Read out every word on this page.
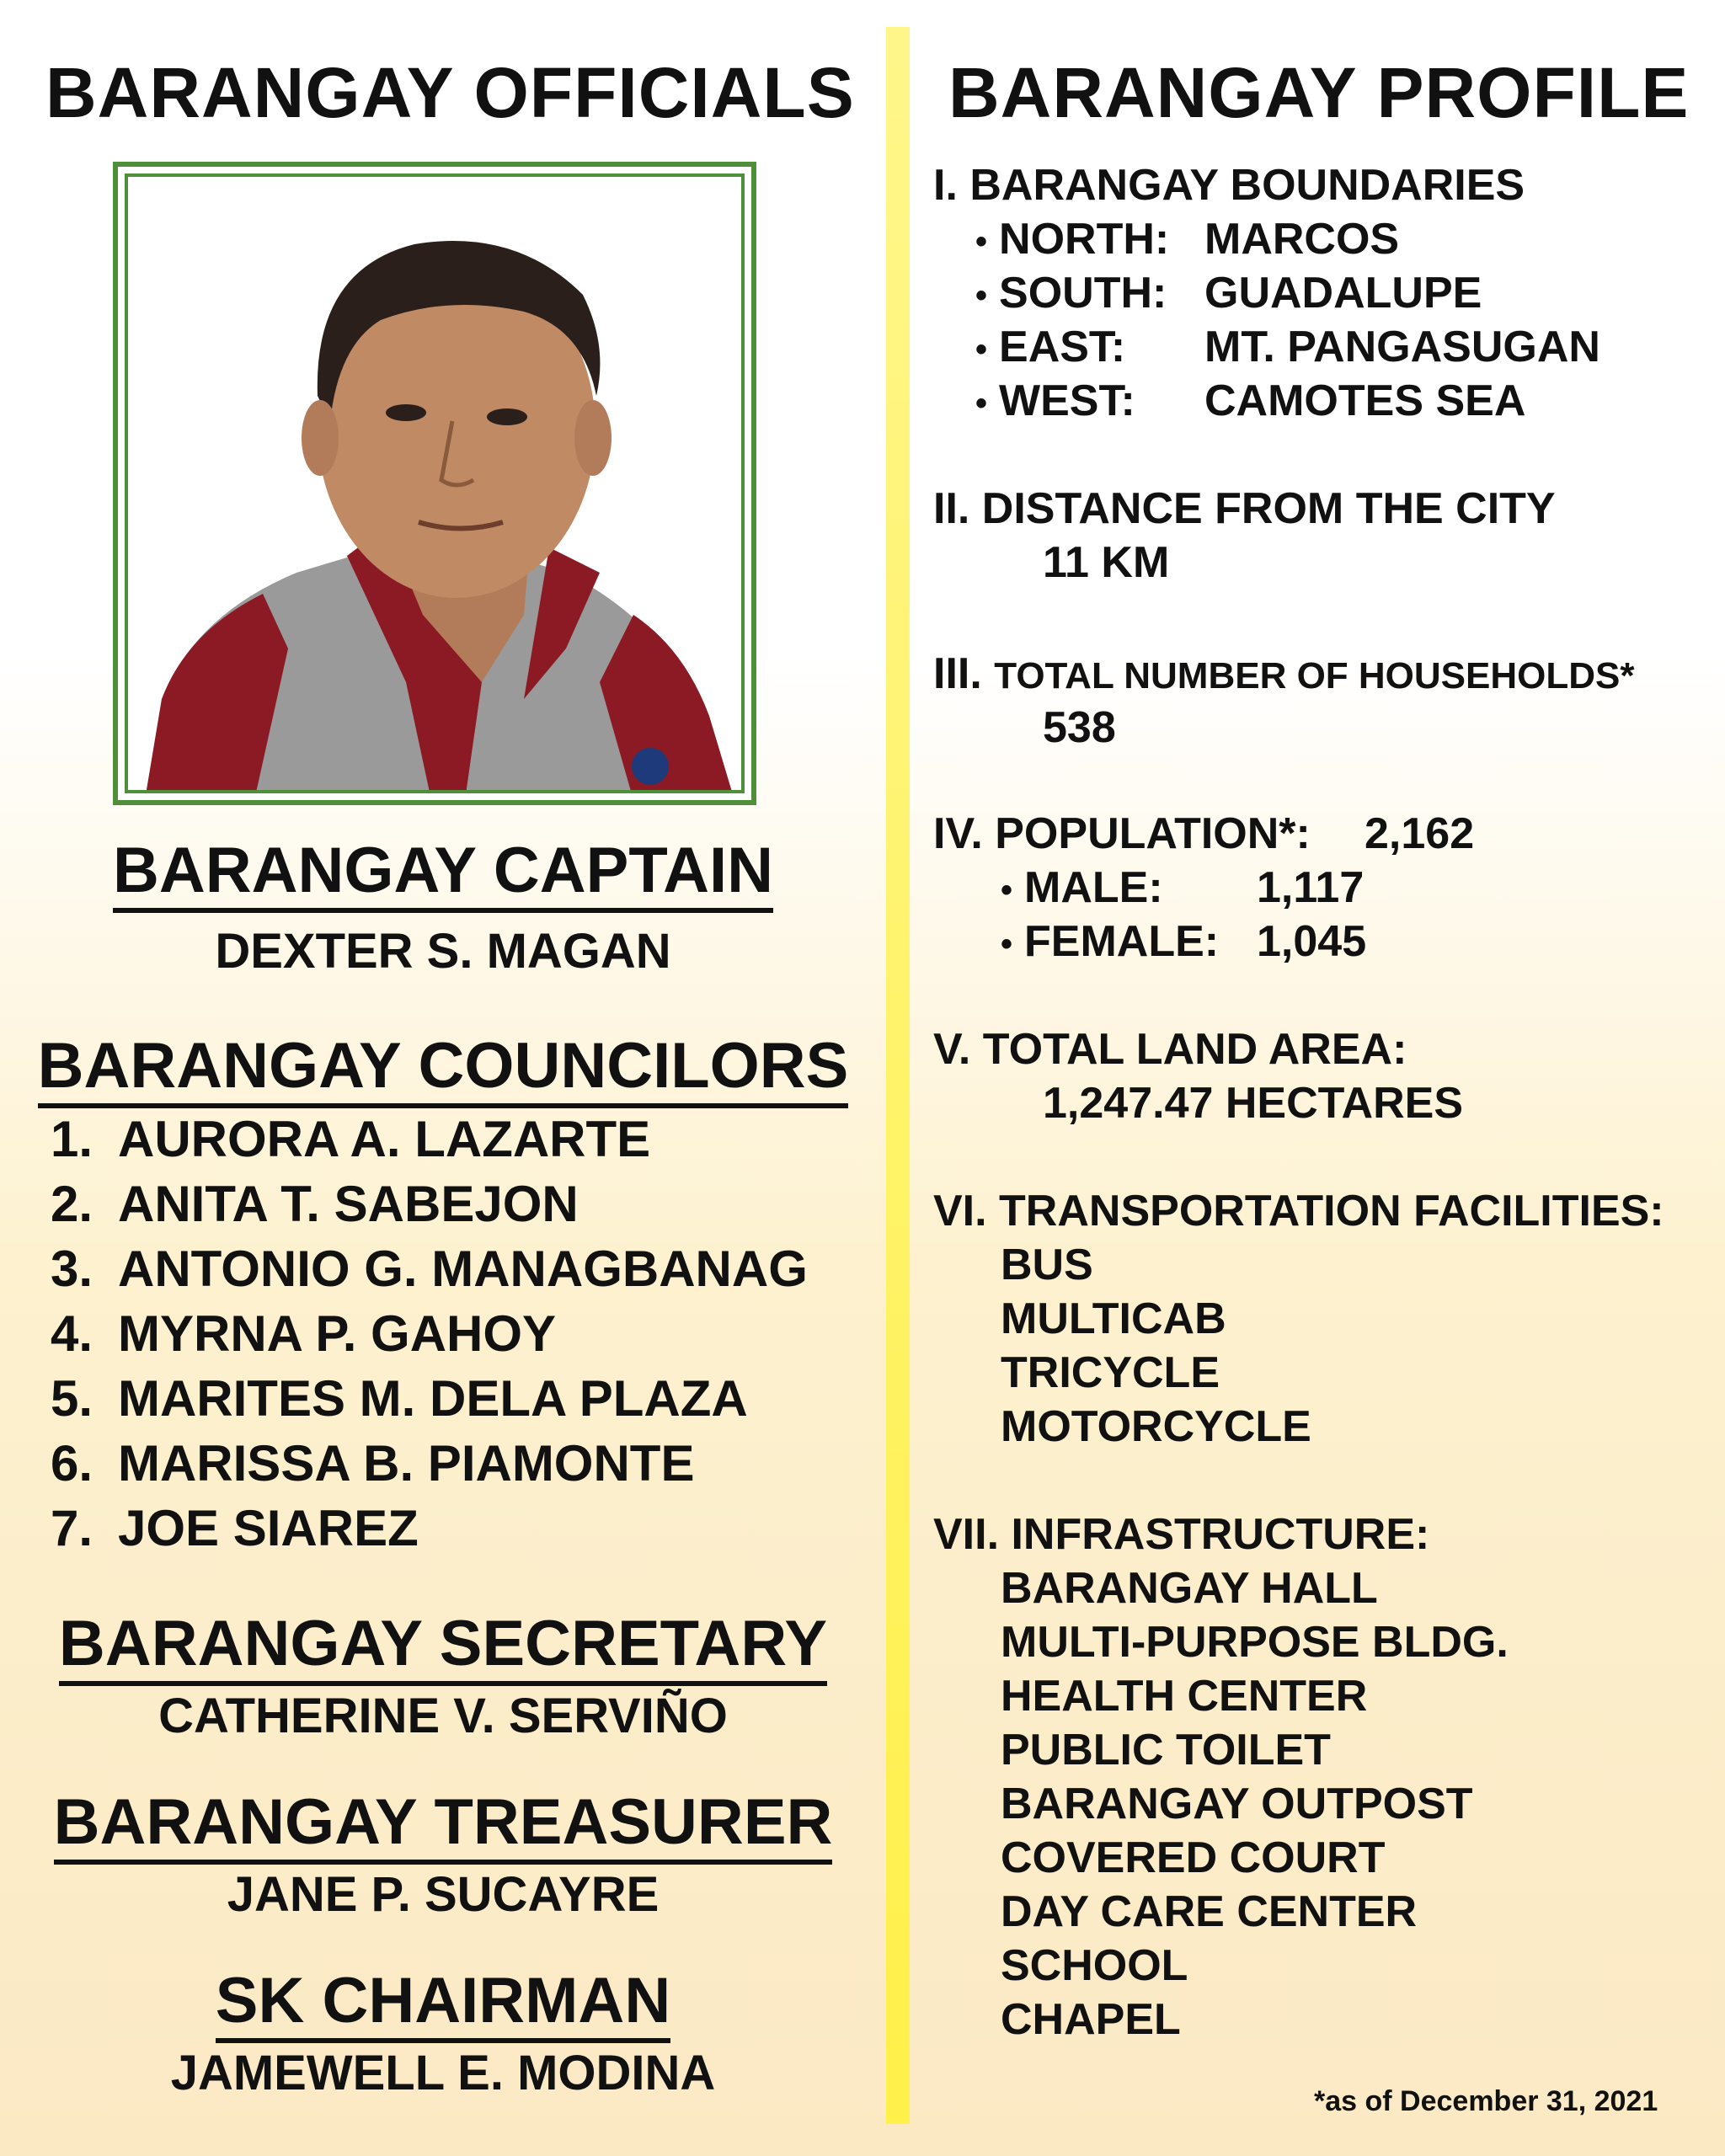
BARANGAY OFFICIALS
BARANGAY CAPTAIN
DEXTER S. MAGAN
BARANGAY COUNCILORS
1. AURORA A. LAZARTE
2. ANITA T. SABEJON
3. ANTONIO G. MANAGBANAG
4. MYRNA P. GAHOY
5. MARITES M. DELA PLAZA
6. MARISSA B. PIAMONTE
7. JOE SIAREZ
BARANGAY SECRETARY
CATHERINE V. SERVIÑO
BARANGAY TREASURER
JANE P. SUCAYRE
SK CHAIRMAN
JAMEWELL E. MODINA
BARANGAY PROFILE
I. BARANGAY BOUNDARIES
• NORTH: MARCOS
• SOUTH: GUADALUPE
• EAST: MT. PANGASUGAN
• WEST: CAMOTES SEA
II. DISTANCE FROM THE CITY
11 KM
III. TOTAL NUMBER OF HOUSEHOLDS*
538
IV. POPULATION*: 2,162
• MALE: 1,117
• FEMALE: 1,045
V. TOTAL LAND AREA:
1,247.47 HECTARES
VI. TRANSPORTATION FACILITIES:
BUS
MULTICAB
TRICYCLE
MOTORCYCLE
VII. INFRASTRUCTURE:
BARANGAY HALL
MULTI-PURPOSE BLDG.
HEALTH CENTER
PUBLIC TOILET
BARANGAY OUTPOST
COVERED COURT
DAY CARE CENTER
SCHOOL
CHAPEL
*as of December 31, 2021
